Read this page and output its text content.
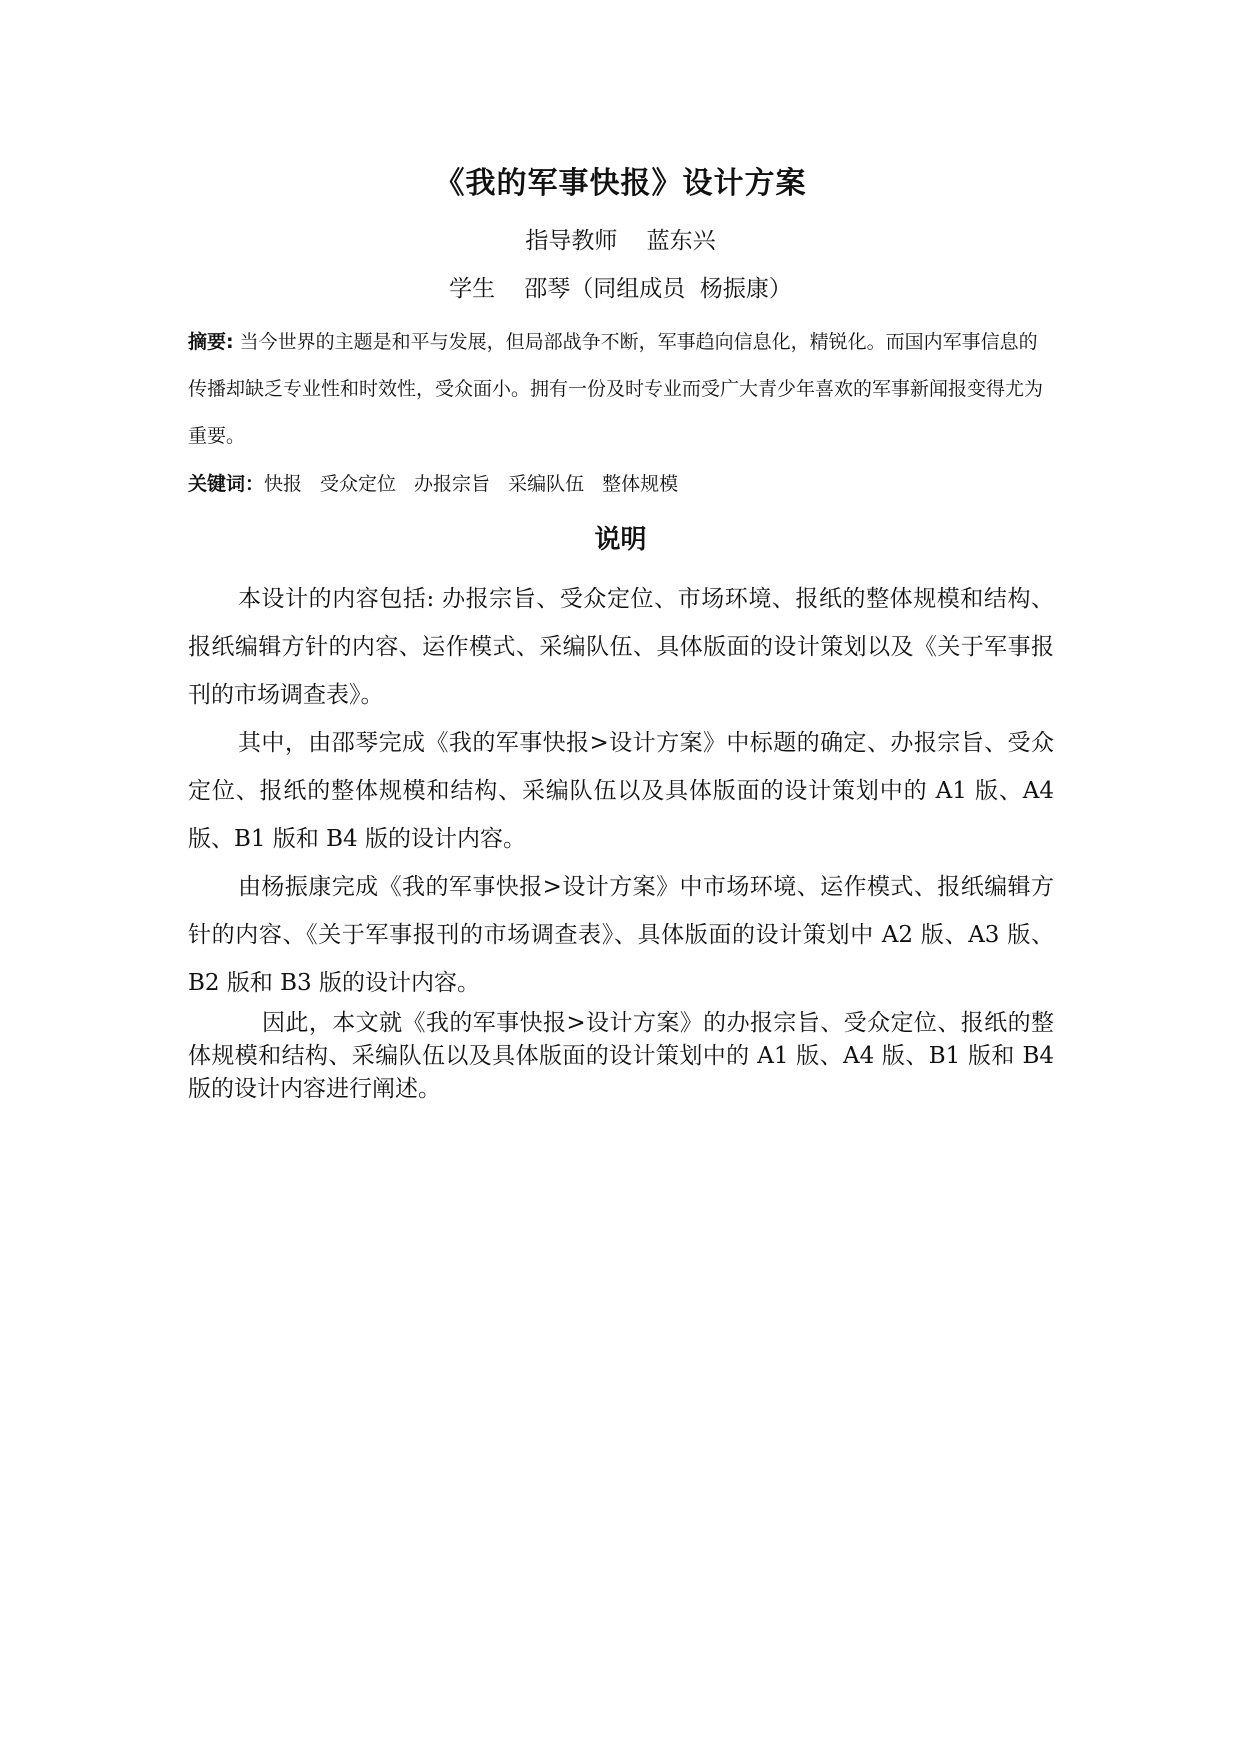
《我的军事快报》设计方案
指导教师    蓝东兴
学生    邵琴（同组成员  杨振康）

摘要: 当今世界的主题是和平与发展，但局部战争不断，军事趋向信息化，精锐化。而国内军事信息的传播却缺乏专业性和时效性，受众面小。拥有一份及时专业而受广大青少年喜欢的军事新闻报变得尤为重要。

关键词：快报 受众定位 办报宗旨 采编队伍 整体规模

说明

本设计的内容包括: 办报宗旨、受众定位、市场环境、报纸的整体规模和结构、报纸编辑方针的内容、运作模式、采编队伍、具体版面的设计策划以及《关于军事报刊的市场调查表》。

其中，由邵琴完成《我的军事快报>设计方案》中标题的确定、办报宗旨、受众定位、报纸的整体规模和结构、采编队伍以及具体版面的设计策划中的 A1 版、A4 版、B1 版和 B4 版的设计内容。

由杨振康完成《我的军事快报>设计方案》中市场环境、运作模式、报纸编辑方针的内容、《关于军事报刊的市场调查表》、具体版面的设计策划中 A2 版、A3 版、B2 版和 B3 版的设计内容。

因此，本文就《我的军事快报>设计方案》的办报宗旨、受众定位、报纸的整体规模和结构、采编队伍以及具体版面的设计策划中的 A1 版、A4 版、B1 版和 B4 版的设计内容进行阐述。
